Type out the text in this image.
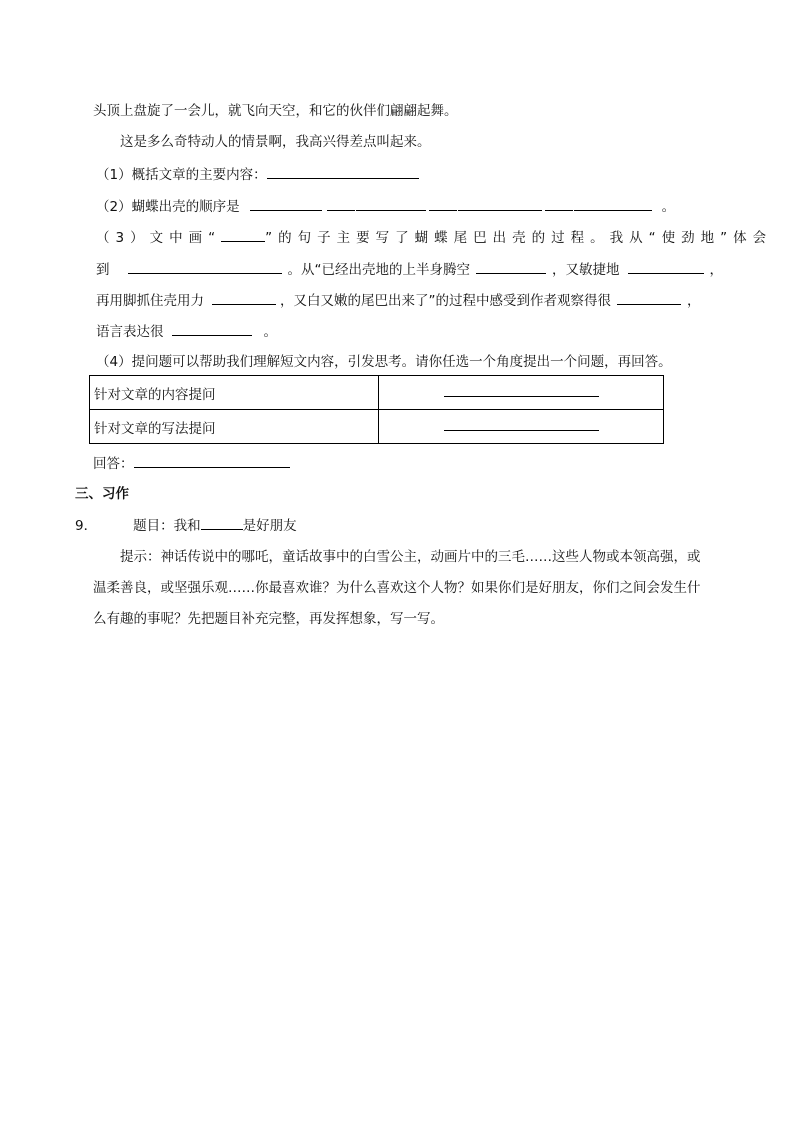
头顶上盘旋了一会儿，就飞向天空，和它的伙伴们翩翩起舞。
这是多么奇特动人的情景啊，我高兴得差点叫起来。
（1）概括文章的主要内容：
（2）蝴蝶出壳的顺序是	。
（3）文中画“	”的句子主要写了蝴蝶尾巴出壳的过程。我从“使劲地”体会
到	。从“已经出壳地的上半身腾空	，又敏捷地	，
再用脚抓住壳用力	，又白又嫩的尾巴出来了”的过程中感受到作者观察得很	，
语言表达很	。
（4）提问题可以帮助我们理解短文内容，引发思考。请你任选一个角度提出一个问题，再回答。
针对文章的内容提问	
针对文章的写法提问	
回答：
三、习作
9．	题目：我和	是好朋友
提示：神话传说中的哪吒，童话故事中的白雪公主，动画片中的三毛……这些人物或本领高强，或
温柔善良，或坚强乐观……你最喜欢谁？为什么喜欢这个人物？如果你们是好朋友，你们之间会发生什
么有趣的事呢？先把题目补充完整，再发挥想象，写一写。
